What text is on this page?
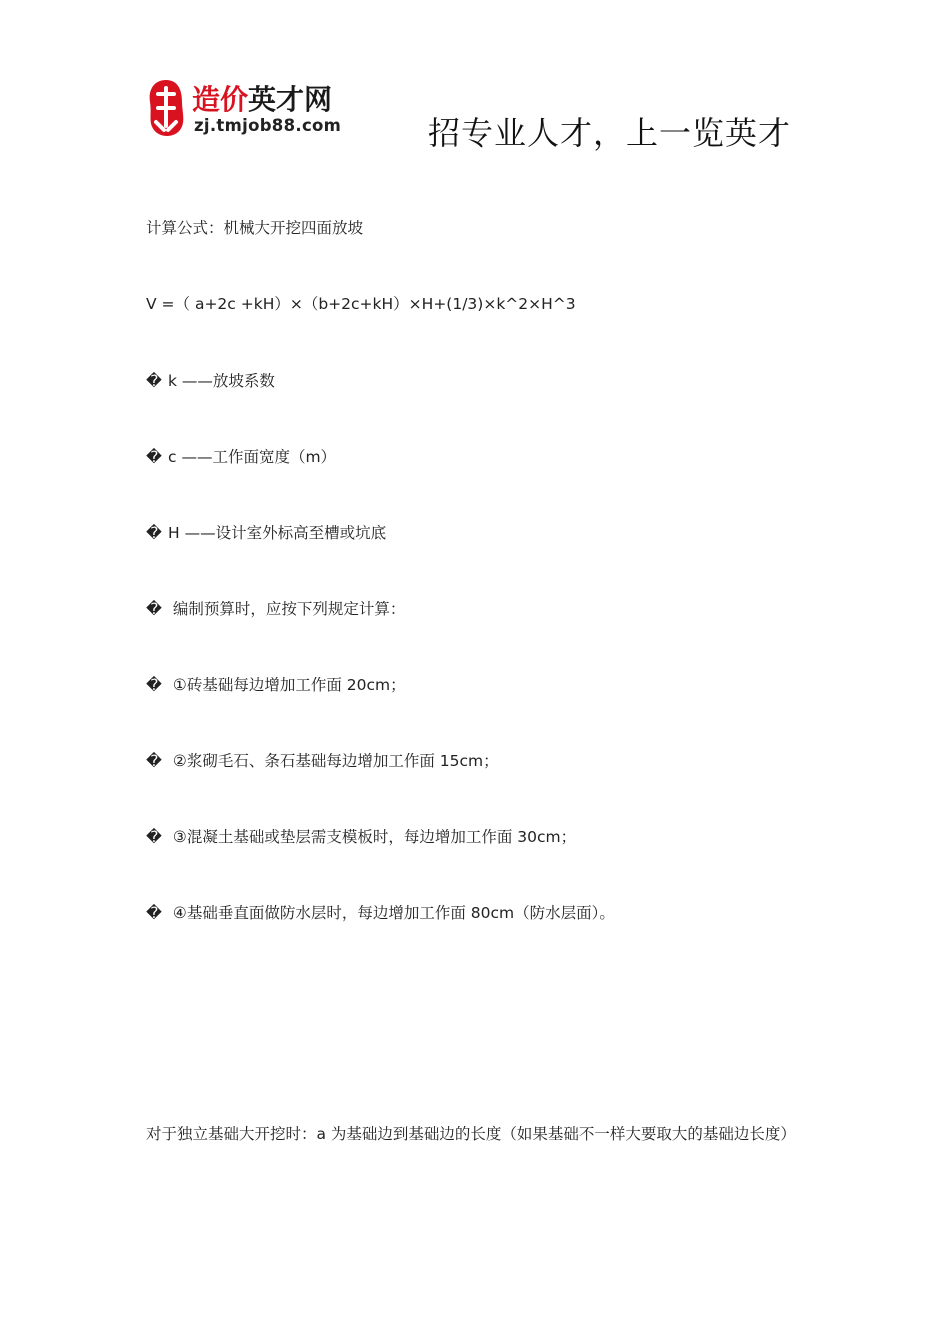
造价英才网
zj.tmjob88.com	招专业人才，上一览英才
计算公式：机械大开挖四面放坡
V =（ a+2c +kH）×（b+2c+kH）×H+(1/3)×k^2×H^3
� k ——放坡系数
� c ——工作面宽度（m）
� H ——设计室外标高至槽或坑底
� 编制预算时，应按下列规定计算：
� ①砖基础每边增加工作面 20cm；
� ②浆砌毛石、条石基础每边增加工作面 15cm；
� ③混凝土基础或垫层需支模板时，每边增加工作面 30cm；
� ④基础垂直面做防水层时，每边增加工作面 80cm（防水层面）。
对于独立基础大开挖时：a 为基础边到基础边的长度（如果基础不一样大要取大的基础边长度）
